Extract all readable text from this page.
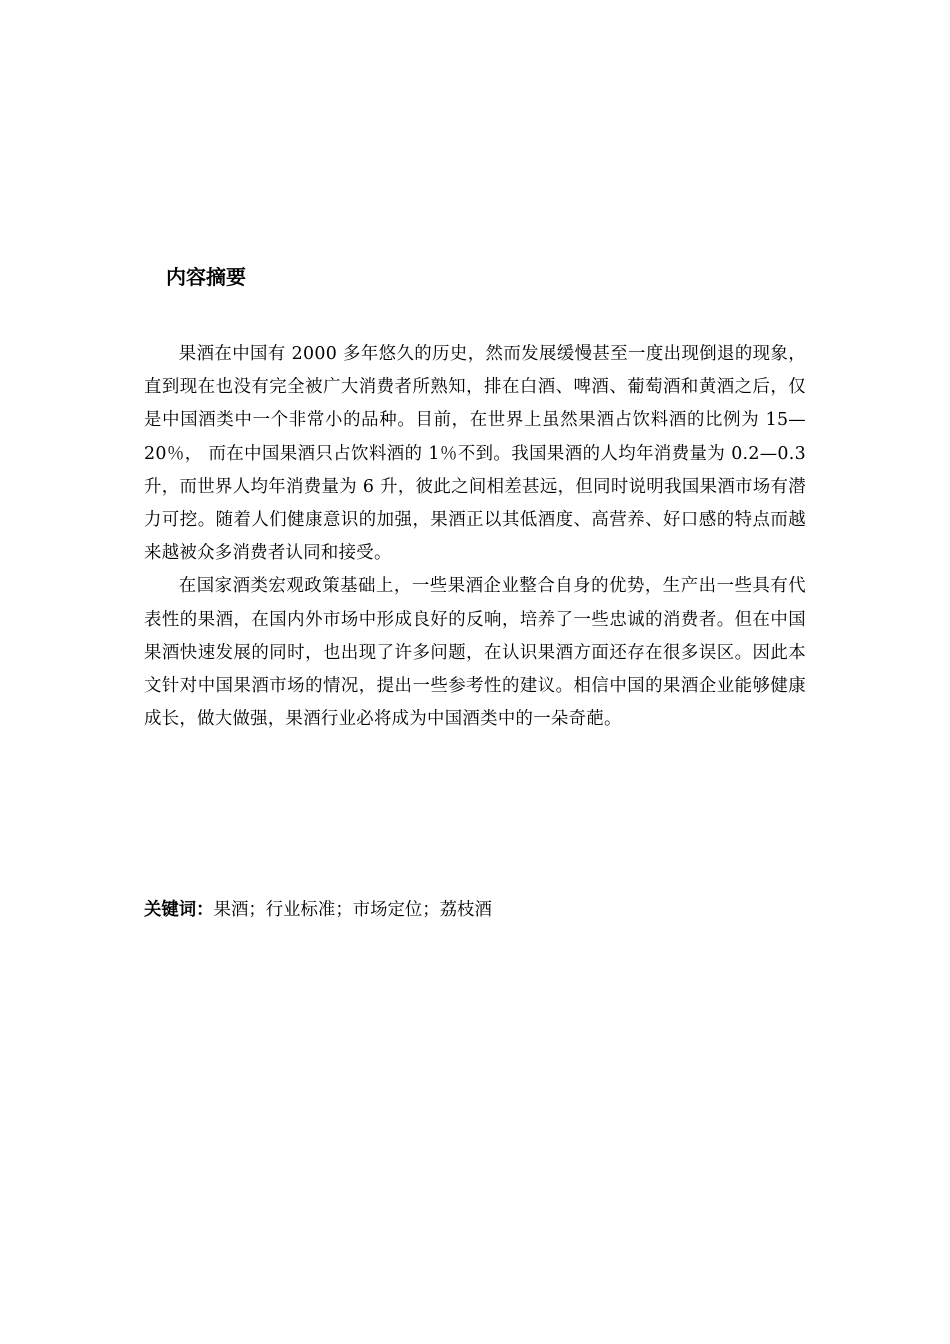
内容摘要

果酒在中国有 2000 多年悠久的历史，然而发展缓慢甚至一度出现倒退的现象，直到现在也没有完全被广大消费者所熟知，排在白酒、啤酒、葡萄酒和黄酒之后，仅是中国酒类中一个非常小的品种。目前，在世界上虽然果酒占饮料酒的比例为 15—20％， 而在中国果酒只占饮料酒的 1％不到。我国果酒的人均年消费量为 0.2—0.3 升，而世界人均年消费量为 6 升，彼此之间相差甚远，但同时说明我国果酒市场有潜力可挖。随着人们健康意识的加强，果酒正以其低酒度、高营养、好口感的特点而越来越被众多消费者认同和接受。

在国家酒类宏观政策基础上，一些果酒企业整合自身的优势，生产出一些具有代表性的果酒，在国内外市场中形成良好的反响，培养了一些忠诚的消费者。但在中国果酒快速发展的同时，也出现了许多问题，在认识果酒方面还存在很多误区。因此本文针对中国果酒市场的情况，提出一些参考性的建议。相信中国的果酒企业能够健康成长，做大做强，果酒行业必将成为中国酒类中的一朵奇葩。

关键词：果酒；行业标准；市场定位；荔枝酒
